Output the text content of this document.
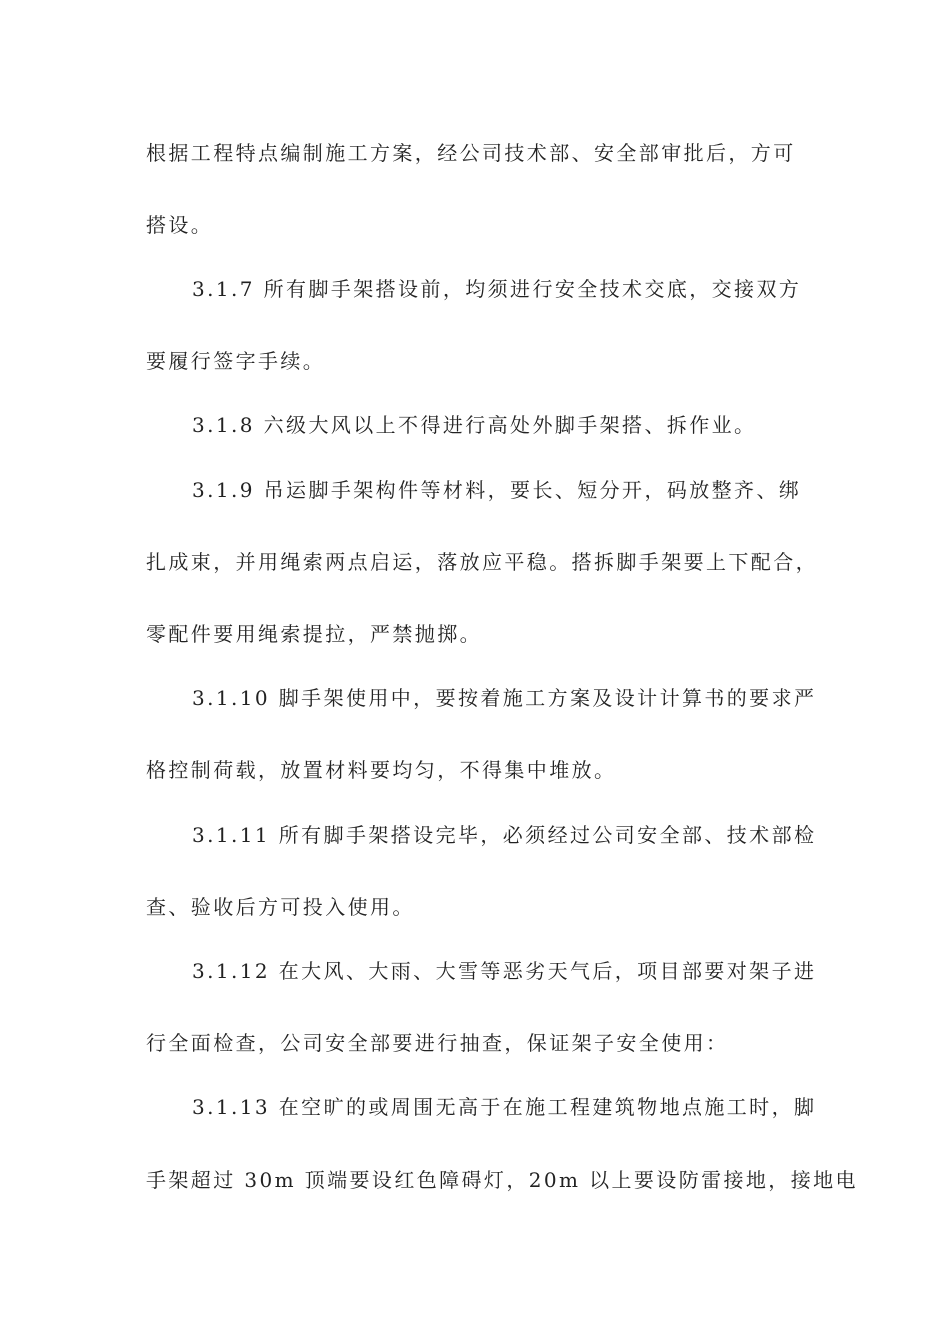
根据工程特点编制施工方案，经公司技术部、安全部审批后，方可
搭设。
3.1.7 所有脚手架搭设前，均须进行安全技术交底，交接双方
要履行签字手续。
3.1.8 六级大风以上不得进行高处外脚手架搭、拆作业。
3.1.9 吊运脚手架构件等材料，要长、短分开，码放整齐、绑
扎成束，并用绳索两点启运，落放应平稳。搭拆脚手架要上下配合，
零配件要用绳索提拉，严禁抛掷。
3.1.10 脚手架使用中，要按着施工方案及设计计算书的要求严
格控制荷载，放置材料要均匀，不得集中堆放。
3.1.11 所有脚手架搭设完毕，必须经过公司安全部、技术部检
查、验收后方可投入使用。
3.1.12 在大风、大雨、大雪等恶劣天气后，项目部要对架子进
行全面检查，公司安全部要进行抽查，保证架子安全使用：
3.1.13 在空旷的或周围无高于在施工程建筑物地点施工时，脚
手架超过 30m 顶端要设红色障碍灯，20m 以上要设防雷接地，接地电
